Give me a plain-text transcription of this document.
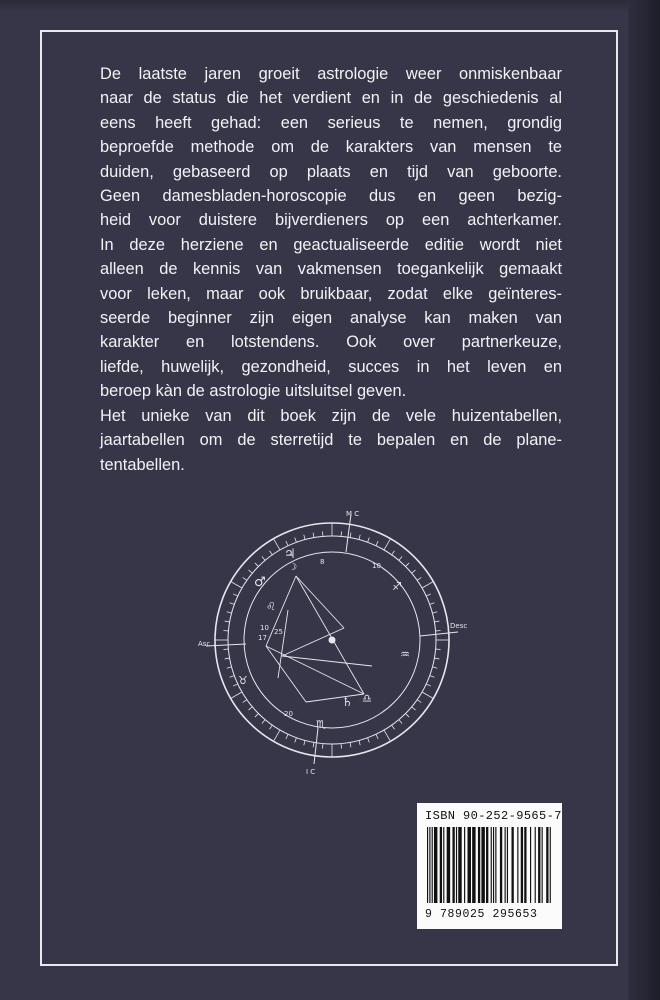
De laatste jaren groeit astrologie weer onmiskenbaar
naar de status die het verdient en in de geschiedenis al
eens heeft gehad: een serieus te nemen, grondig
beproefde methode om de karakters van mensen te
duiden, gebaseerd op plaats en tijd van geboorte.
Geen damesbladen-horoscopie dus en geen bezig-
heid voor duistere bijverdieners op een achterkamer.
In deze herziene en geactualiseerde editie wordt niet
alleen de kennis van vakmensen toegankelijk gemaakt
voor leken, maar ook bruikbaar, zodat elke geïnteres-
seerde beginner zijn eigen analyse kan maken van
karakter en lotstendens. Ook over partnerkeuze,
liefde, huwelijk, gezondheid, succes in het leven en
beroep kàn de astrologie uitsluitsel geven.
Het unieke van dit boek zijn de vele huizentabellen,
jaartabellen om de sterretijd te bepalen en de plane-
tentabellen.
♃
♂
♌
♐
♒
♄ ♎
♏
♉
☽
M C
I C
Asc
Desc
10 25
17
8	10
20
ISBN 90-252-9565-7
9 789025 295653
